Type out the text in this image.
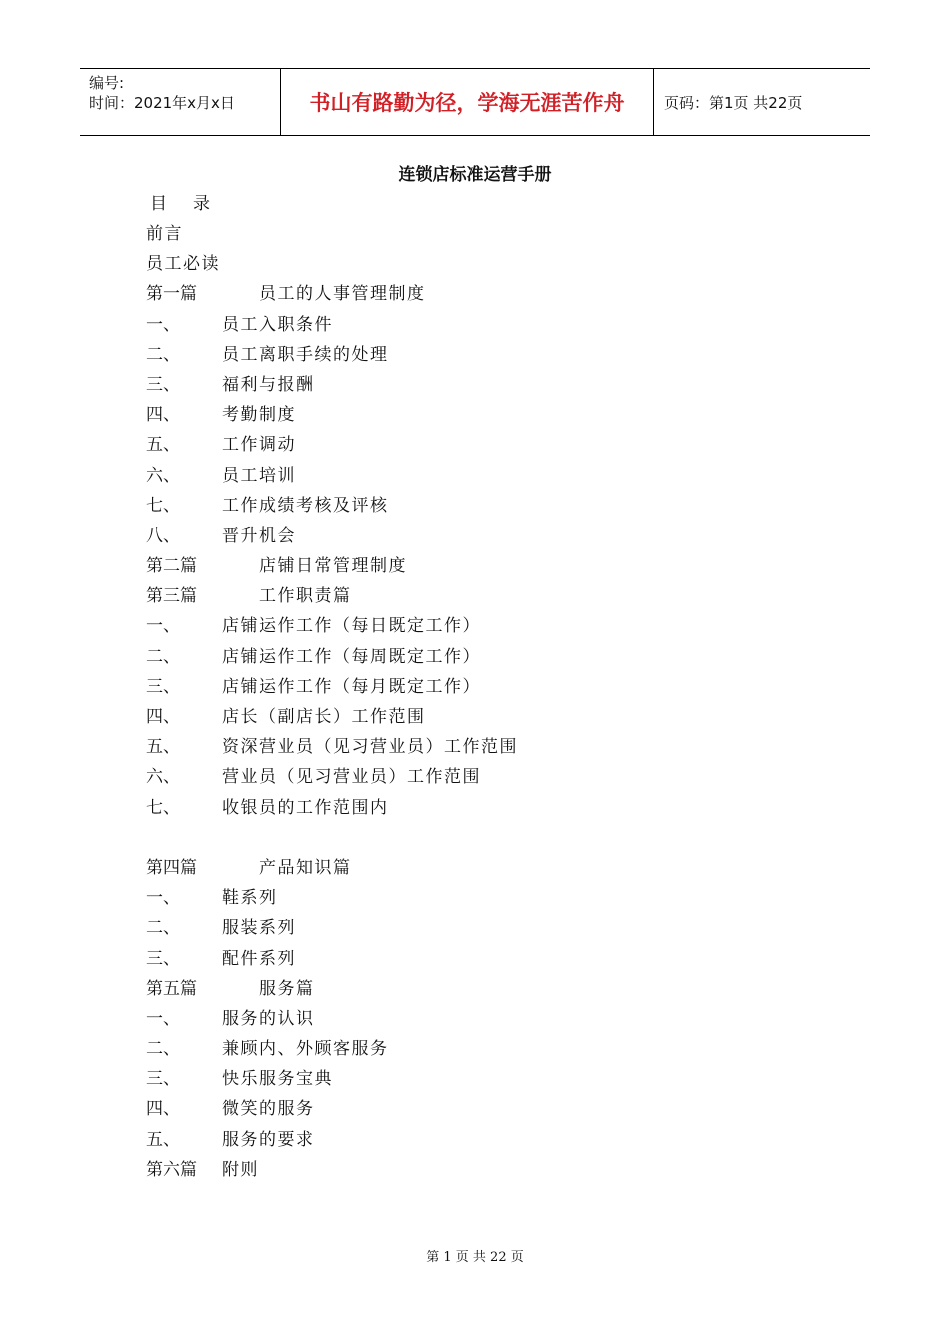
编号:
时间：2021年x月x日	书山有路勤为径，学海无涯苦作舟	页码：第1页 共22页
连锁店标准运营手册
目 录
前言
员工必读
第一篇	员工的人事管理制度
一、 员工入职条件
二、 员工离职手续的处理
三、 福利与报酬
四、 考勤制度
五、 工作调动
六、 员工培训
七、 工作成绩考核及评核
八、 晋升机会
第二篇	店铺日常管理制度
第三篇	工作职责篇
一、 店铺运作工作（每日既定工作）
二、 店铺运作工作（每周既定工作）
三、 店铺运作工作（每月既定工作）
四、 店长（副店长）工作范围
五、 资深营业员（见习营业员）工作范围
六、 营业员（见习营业员）工作范围
七、 收银员的工作范围内
第四篇	产品知识篇
一、 鞋系列
二、 服装系列
三、 配件系列
第五篇	服务篇
一、 服务的认识
二、 兼顾内、外顾客服务
三、 快乐服务宝典
四、 微笑的服务
五、 服务的要求
第六篇 附则
第 1 页 共 22 页
